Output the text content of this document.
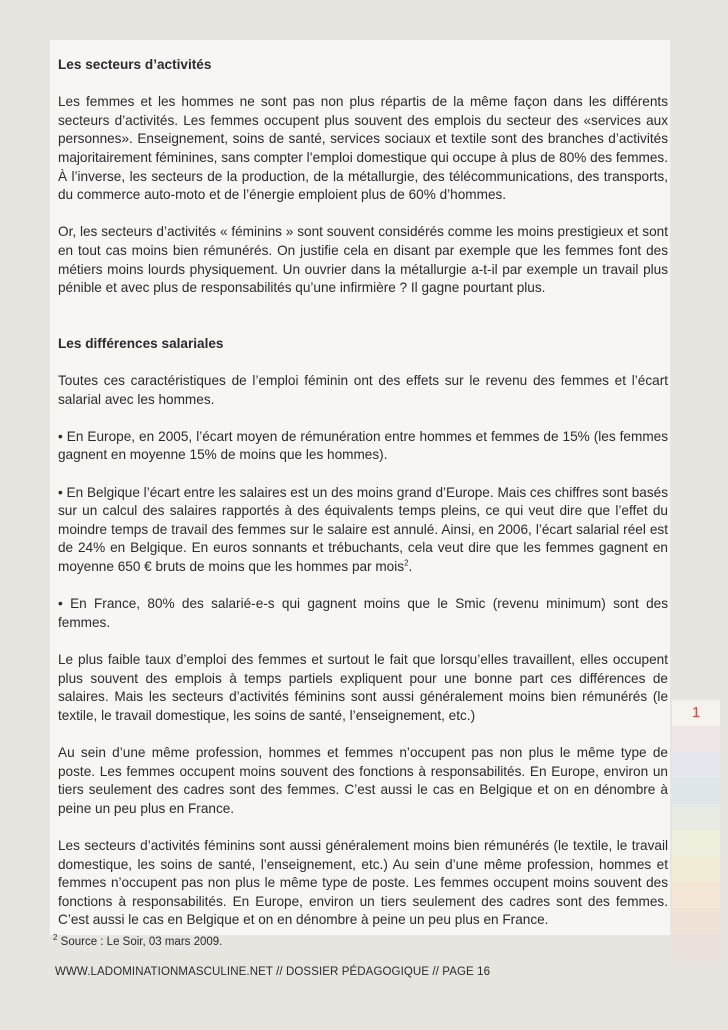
Les secteurs d’activités

Les femmes et les hommes ne sont pas non plus répartis de la même façon dans les différents secteurs d’activités. Les femmes occupent plus souvent des emplois du secteur des «services aux personnes». Enseignement, soins de santé, services sociaux et textile sont des branches d’activités majoritairement féminines, sans compter l’emploi domestique qui occupe à plus de 80% des femmes. À l’inverse, les secteurs de la production, de la métallurgie, des télécommunications, des transports, du commerce auto-moto et de l’énergie emploient plus de 60% d’hommes.

Or, les secteurs d’activités « féminins » sont souvent considérés comme les moins prestigieux et sont en tout cas moins bien rémunérés. On justifie cela en disant par exemple que les femmes font des métiers moins lourds physiquement. Un ouvrier dans la métallurgie a-t-il par exemple un travail plus pénible et avec plus de responsabilités qu’une infirmière ? Il gagne pourtant plus.

Les différences salariales

Toutes ces caractéristiques de l’emploi féminin ont des effets sur le revenu des femmes et l’écart salarial avec les hommes.

• En Europe, en 2005, l’écart moyen de rémunération entre hommes et femmes de 15% (les femmes gagnent en moyenne 15% de moins que les hommes).

• En Belgique l’écart entre les salaires est un des moins grand d’Europe. Mais ces chiffres sont basés sur un calcul des salaires rapportés à des équivalents temps pleins, ce qui veut dire que l’effet du moindre temps de travail des femmes sur le salaire est annulé. Ainsi, en 2006, l’écart salarial réel est de 24% en Belgique. En euros sonnants et trébuchants, cela veut dire que les femmes gagnent en moyenne 650 € bruts de moins que les hommes par mois$^2$.

• En France, 80% des salarié-e-s qui gagnent moins que le Smic (revenu minimum) sont des femmes.

Le plus faible taux d’emploi des femmes et surtout le fait que lorsqu’elles travaillent, elles occupent plus souvent des emplois à temps partiels expliquent pour une bonne part ces différences de salaires. Mais les secteurs d’activités féminins sont aussi généralement moins bien rémunérés (le textile, le travail domestique, les soins de santé, l’enseignement, etc.)

Au sein d’une même profession, hommes et femmes n’occupent pas non plus le même type de poste. Les femmes occupent moins souvent des fonctions à responsabilités. En Europe, environ un tiers seulement des cadres sont des femmes. C’est aussi le cas en Belgique et on en dénombre à peine un peu plus en France.

Les secteurs d’activités féminins sont aussi généralement moins bien rémunérés (le textile, le travail domestique, les soins de santé, l’enseignement, etc.) Au sein d’une même profession, hommes et femmes n’occupent pas non plus le même type de poste. Les femmes occupent moins souvent des fonctions à responsabilités. En Europe, environ un tiers seulement des cadres sont des femmes. C’est aussi le cas en Belgique et on en dénombre à peine un peu plus en France.

$^2$ Source : Le Soir, 03 mars 2009.
WWW.LADOMINATIONMASCULINE.NET // DOSSIER PÉDAGOGIQUE // PAGE 16
1
